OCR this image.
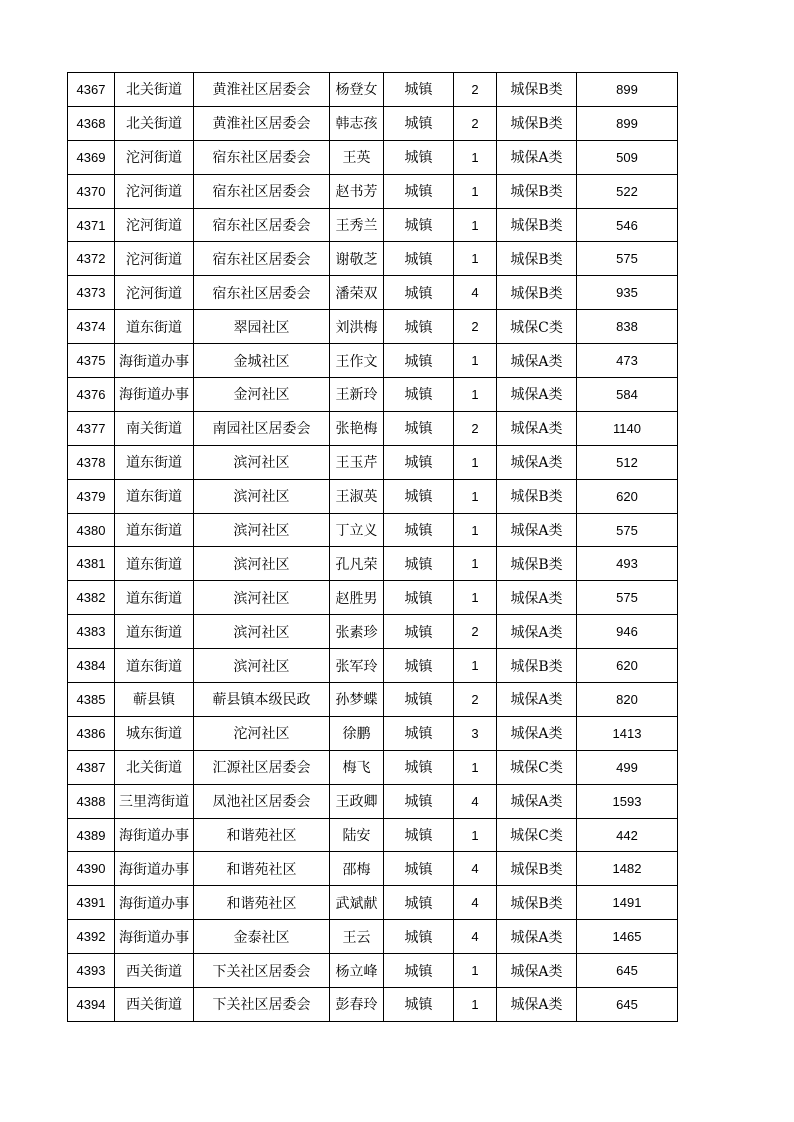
4367	北关街道	黄淮社区居委会	杨登女	城镇	2	城保B类	899
4368	北关街道	黄淮社区居委会	韩志孩	城镇	2	城保B类	899
4369	沱河街道	宿东社区居委会	王英	城镇	1	城保A类	509
4370	沱河街道	宿东社区居委会	赵书芳	城镇	1	城保B类	522
4371	沱河街道	宿东社区居委会	王秀兰	城镇	1	城保B类	546
4372	沱河街道	宿东社区居委会	谢敬芝	城镇	1	城保B类	575
4373	沱河街道	宿东社区居委会	潘荣双	城镇	4	城保B类	935
4374	道东街道	翠园社区	刘洪梅	城镇	2	城保C类	838
4375	海街道办事	金城社区	王作文	城镇	1	城保A类	473
4376	海街道办事	金河社区	王新玲	城镇	1	城保A类	584
4377	南关街道	南园社区居委会	张艳梅	城镇	2	城保A类	1140
4378	道东街道	滨河社区	王玉芹	城镇	1	城保A类	512
4379	道东街道	滨河社区	王淑英	城镇	1	城保B类	620
4380	道东街道	滨河社区	丁立义	城镇	1	城保A类	575
4381	道东街道	滨河社区	孔凡荣	城镇	1	城保B类	493
4382	道东街道	滨河社区	赵胜男	城镇	1	城保A类	575
4383	道东街道	滨河社区	张素珍	城镇	2	城保A类	946
4384	道东街道	滨河社区	张军玲	城镇	1	城保B类	620
4385	蕲县镇	蕲县镇本级民政	孙梦蝶	城镇	2	城保A类	820
4386	城东街道	沱河社区	徐鹏	城镇	3	城保A类	1413
4387	北关街道	汇源社区居委会	梅飞	城镇	1	城保C类	499
4388	三里湾街道	凤池社区居委会	王政卿	城镇	4	城保A类	1593
4389	海街道办事	和谐苑社区	陆安	城镇	1	城保C类	442
4390	海街道办事	和谐苑社区	邵梅	城镇	4	城保B类	1482
4391	海街道办事	和谐苑社区	武斌献	城镇	4	城保B类	1491
4392	海街道办事	金泰社区	王云	城镇	4	城保A类	1465
4393	西关街道	下关社区居委会	杨立峰	城镇	1	城保A类	645
4394	西关街道	下关社区居委会	彭春玲	城镇	1	城保A类	645
